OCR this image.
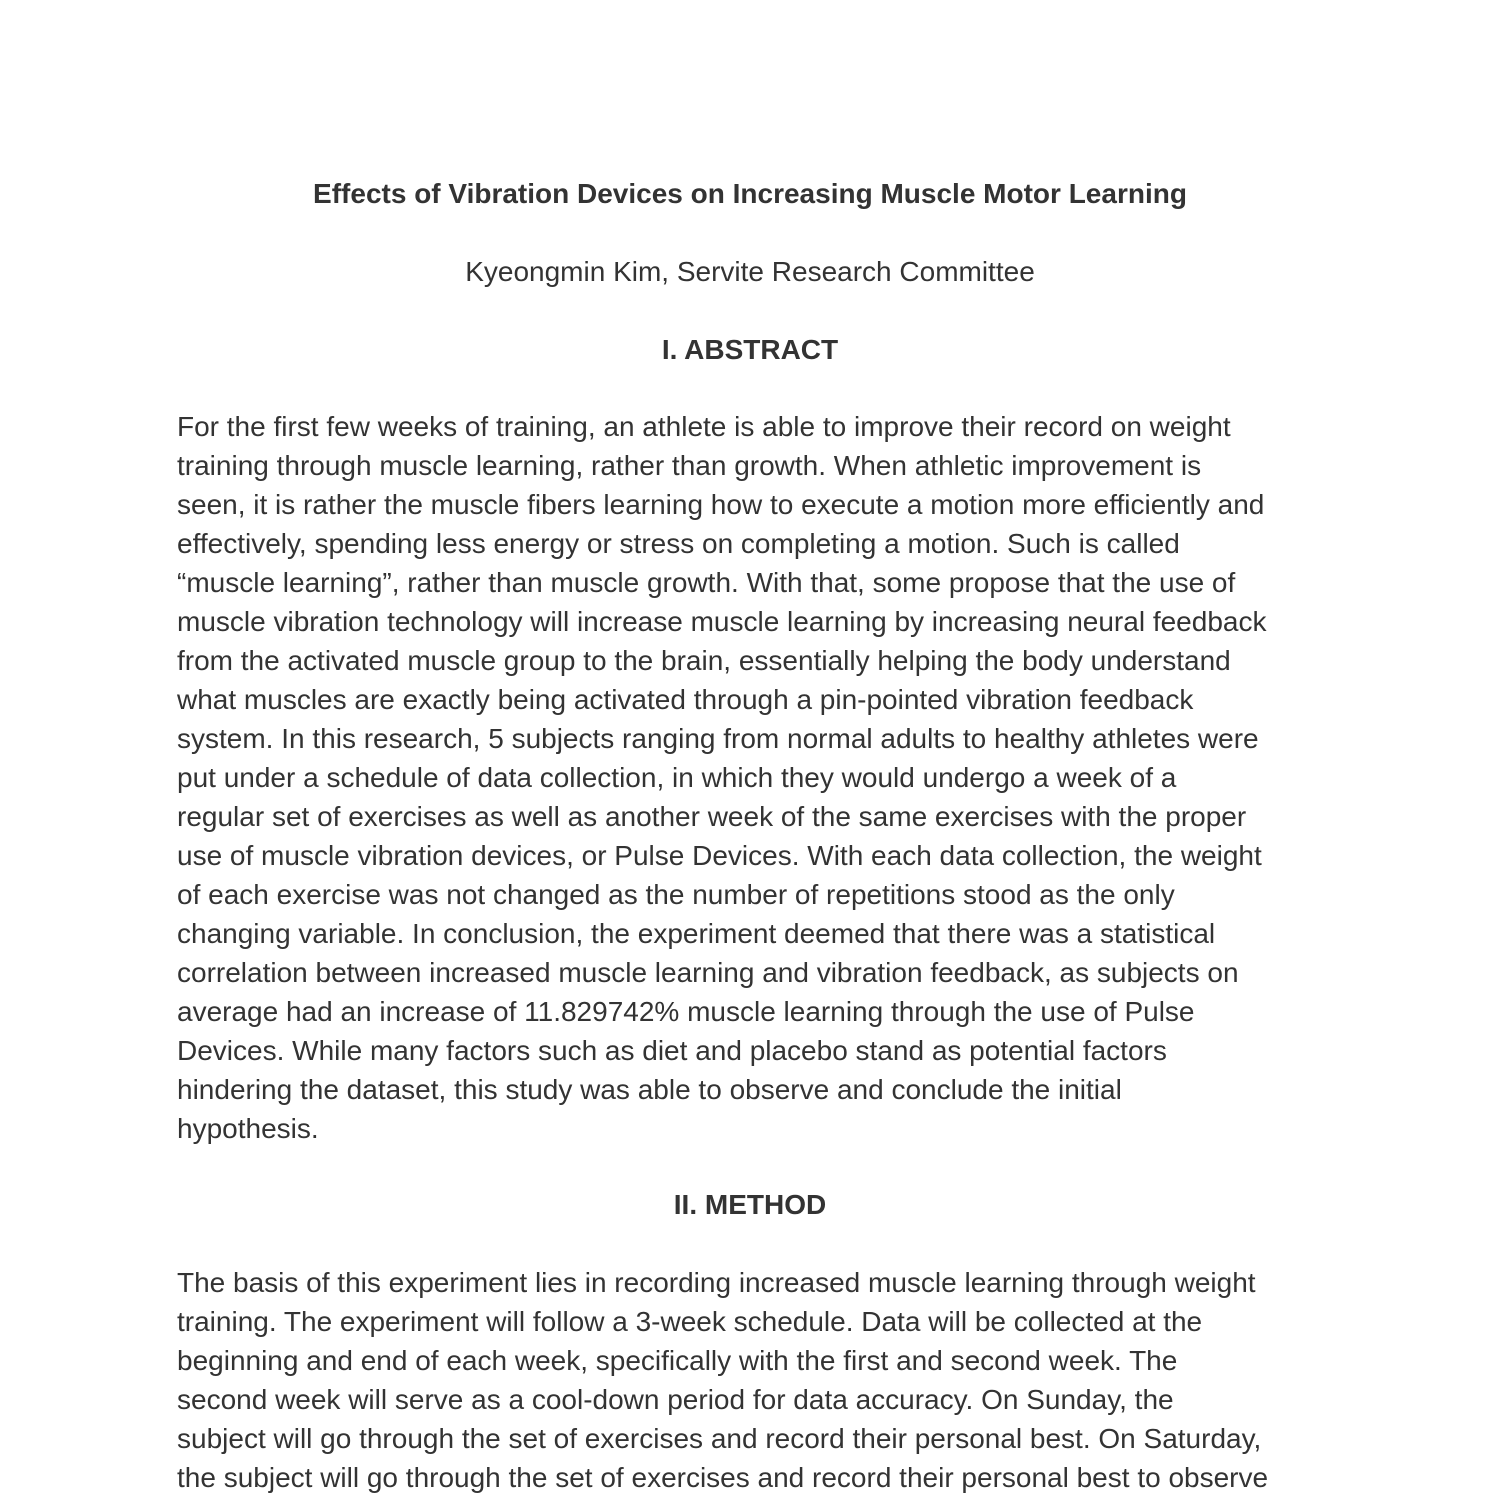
Effects of Vibration Devices on Increasing Muscle Motor Learning
Kyeongmin Kim, Servite Research Committee
I. ABSTRACT
For the first few weeks of training, an athlete is able to improve their record on weight
training through muscle learning, rather than growth. When athletic improvement is
seen, it is rather the muscle fibers learning how to execute a motion more efficiently and
effectively, spending less energy or stress on completing a motion. Such is called
“muscle learning”, rather than muscle growth. With that, some propose that the use of
muscle vibration technology will increase muscle learning by increasing neural feedback
from the activated muscle group to the brain, essentially helping the body understand
what muscles are exactly being activated through a pin-pointed vibration feedback
system. In this research, 5 subjects ranging from normal adults to healthy athletes were
put under a schedule of data collection, in which they would undergo a week of a
regular set of exercises as well as another week of the same exercises with the proper
use of muscle vibration devices, or Pulse Devices. With each data collection, the weight
of each exercise was not changed as the number of repetitions stood as the only
changing variable. In conclusion, the experiment deemed that there was a statistical
correlation between increased muscle learning and vibration feedback, as subjects on
average had an increase of 11.829742% muscle learning through the use of Pulse
Devices. While many factors such as diet and placebo stand as potential factors
hindering the dataset, this study was able to observe and conclude the initial
hypothesis.
II. METHOD
The basis of this experiment lies in recording increased muscle learning through weight
training. The experiment will follow a 3-week schedule. Data will be collected at the
beginning and end of each week, specifically with the first and second week. The
second week will serve as a cool-down period for data accuracy. On Sunday, the
subject will go through the set of exercises and record their personal best. On Saturday,
the subject will go through the set of exercises and record their personal best to observe
